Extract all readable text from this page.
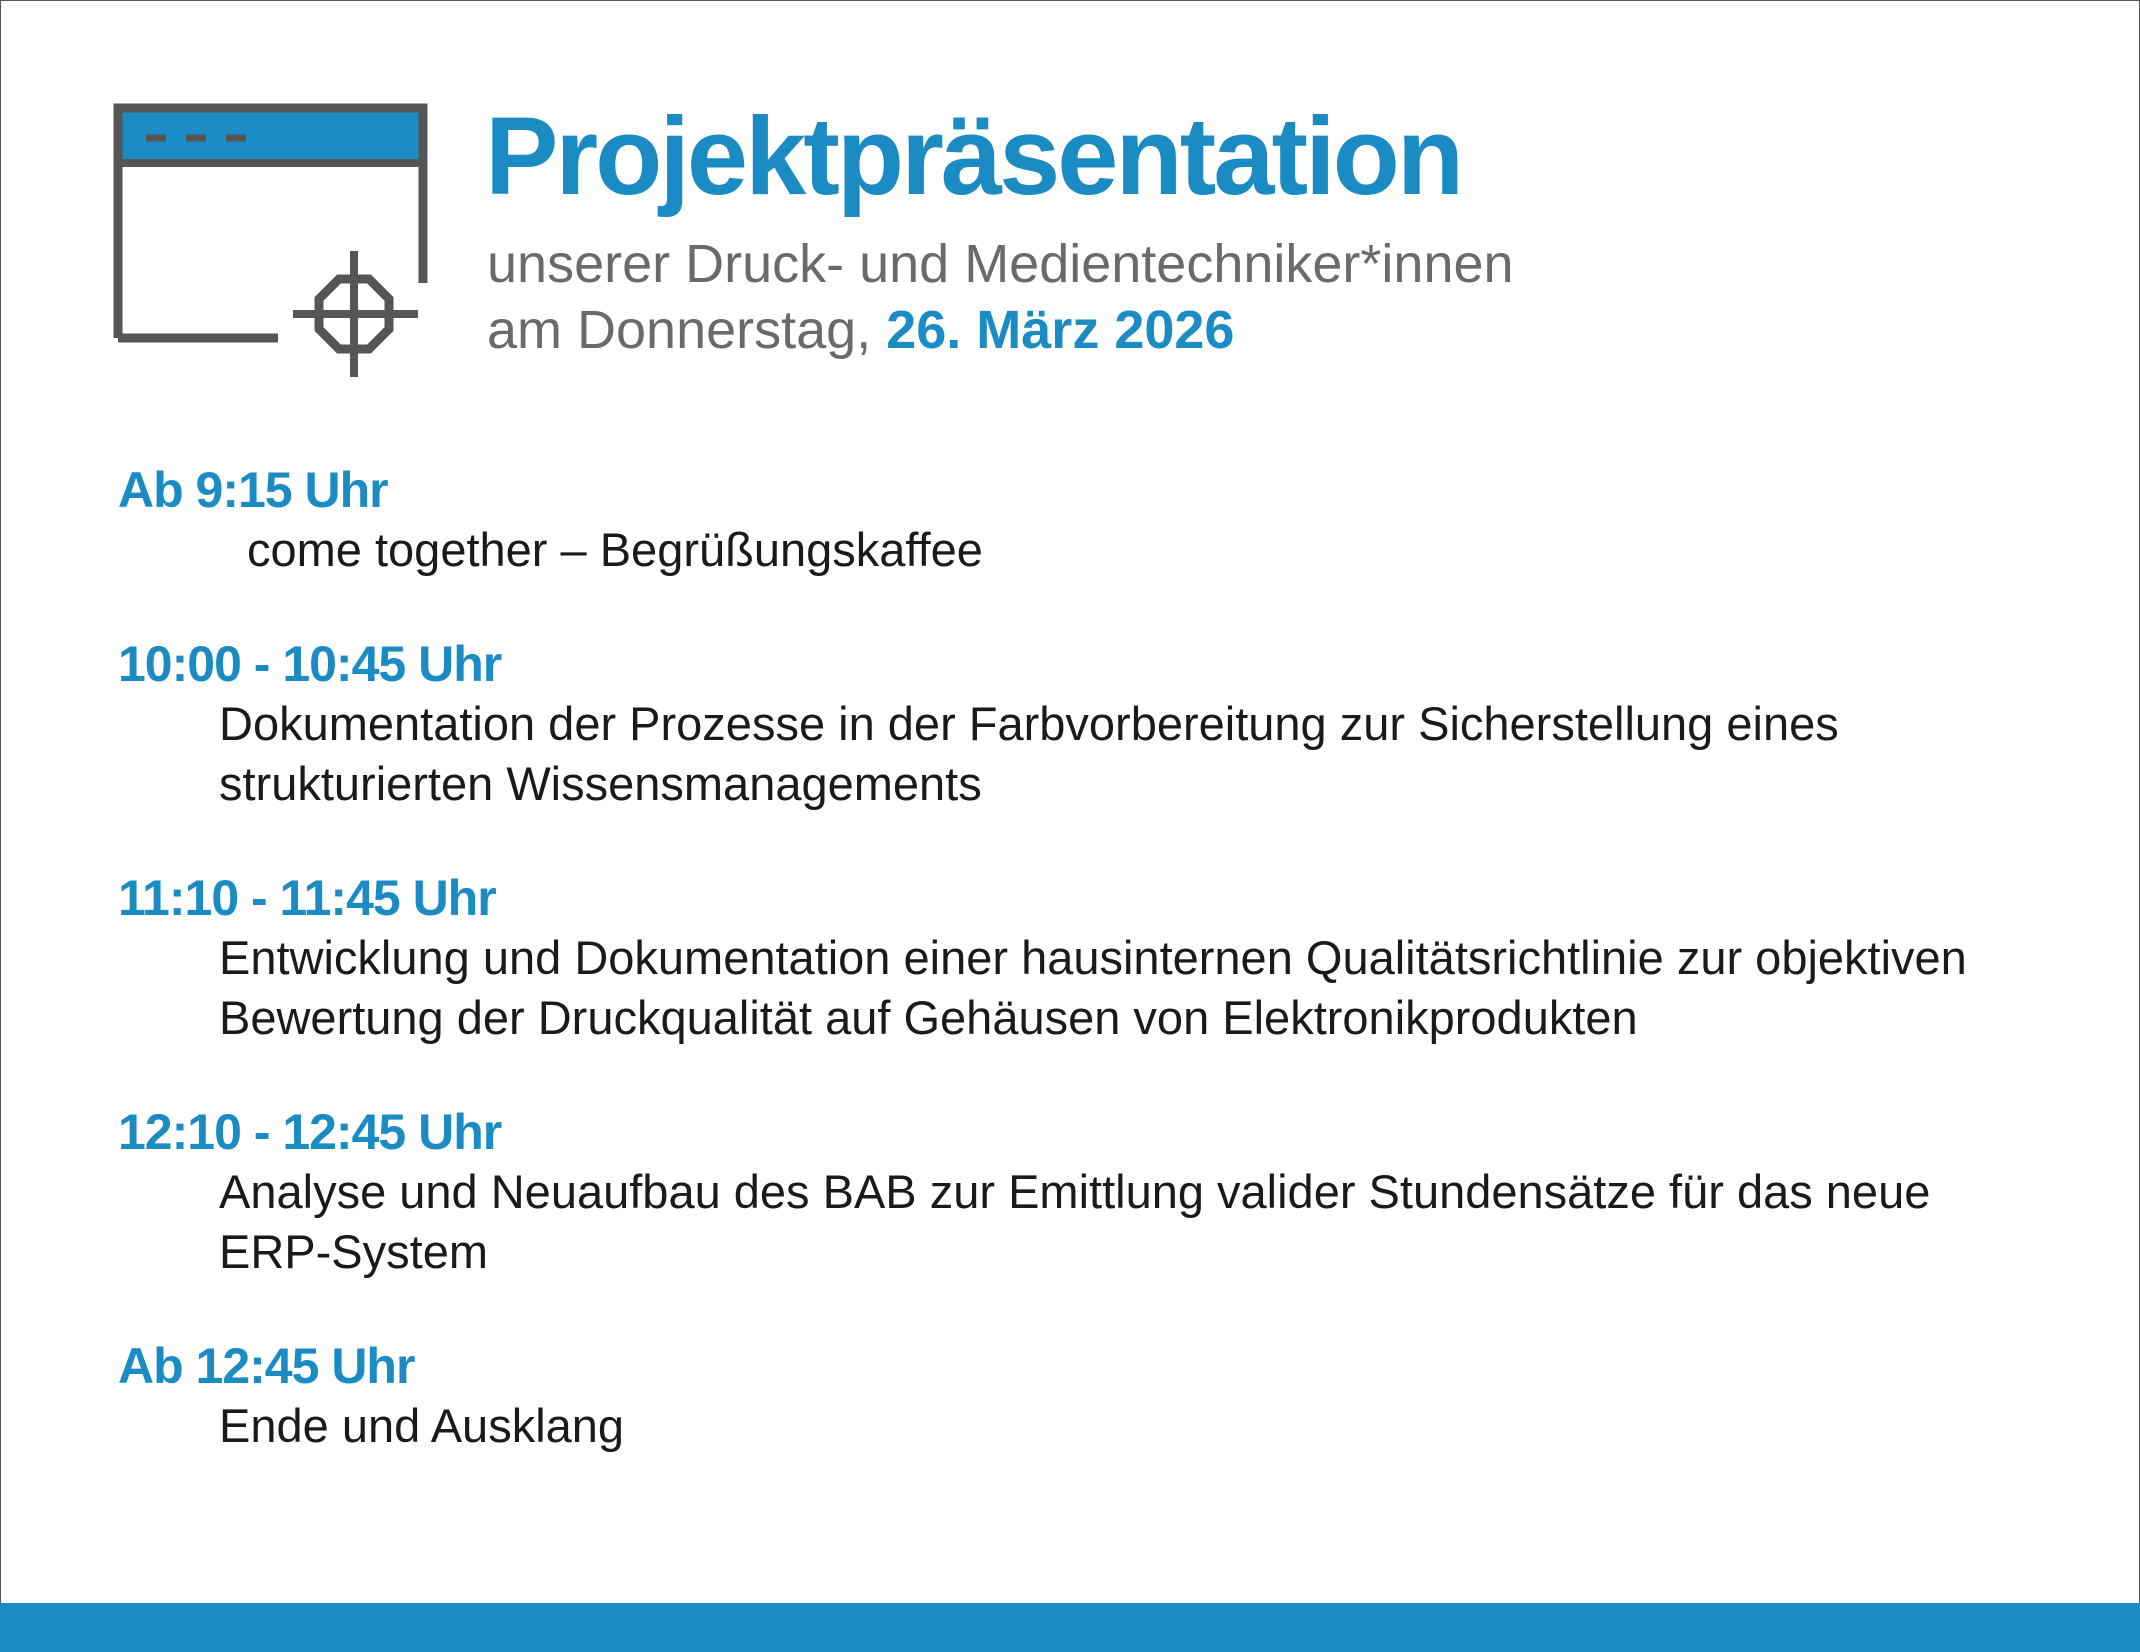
Projektpräsentation
unserer Druck- und Medientechniker*innen
am Donnerstag, 26. März 2026
Ab 9:15 Uhr
come together – Begrüßungskaffee
10:00 - 10:45 Uhr
Dokumentation der Prozesse in der Farbvorbereitung zur Sicherstellung eines
strukturierten Wissensmanagements
11:10 - 11:45 Uhr
Entwicklung und Dokumentation einer hausinternen Qualitätsrichtlinie zur objektiven
Bewertung der Druckqualität auf Gehäusen von Elektronikprodukten
12:10 - 12:45 Uhr
Analyse und Neuaufbau des BAB zur Emittlung valider Stundensätze für das neue
ERP-System
Ab 12:45 Uhr
Ende und Ausklang
